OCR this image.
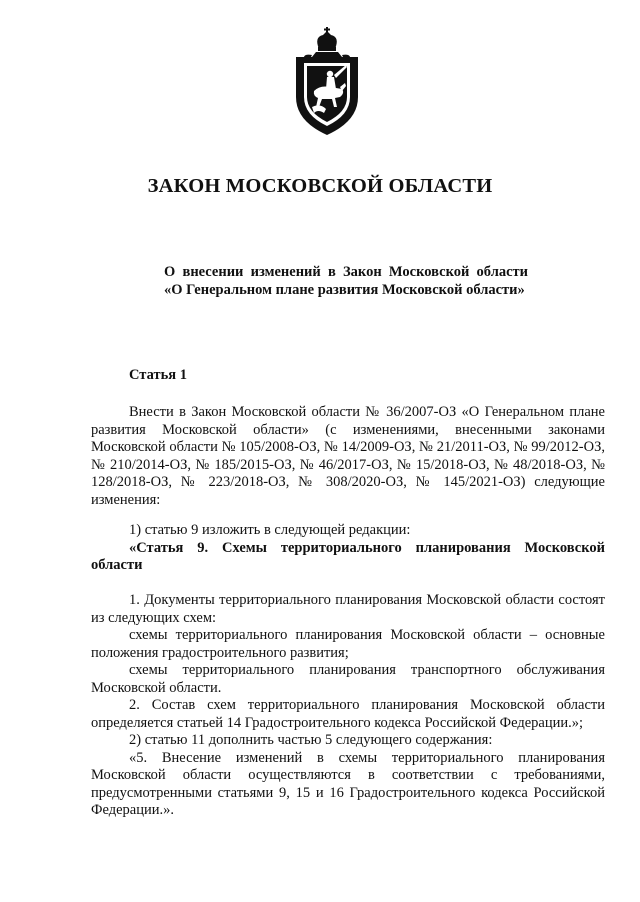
ЗАКОН МОСКОВСКОЙ ОБЛАСТИ
О внесении изменений в Закон Московской области «О Генеральном плане развития Московской области»
Статья 1

Внести в Закон Московской области № 36/2007-ОЗ «О Генеральном плане развития Московской области» (с изменениями, внесенными законами Московской области № 105/2008-ОЗ, № 14/2009-ОЗ, № 21/2011-ОЗ, № 99/2012-ОЗ, № 210/2014-ОЗ, № 185/2015-ОЗ, № 46/2017-ОЗ, № 15/2018-ОЗ, № 48/2018-ОЗ, № 128/2018-ОЗ, № 223/2018-ОЗ, № 308/2020-ОЗ, № 145/2021-ОЗ) следующие изменения:

1) статью 9 изложить в следующей редакции:

«Статья 9. Схемы территориального планирования Московской области

1. Документы территориального планирования Московской области состоят из следующих схем:

схемы территориального планирования Московской области – основные положения градостроительного развития;

схемы территориального планирования транспортного обслуживания Московской области.

2. Состав схем территориального планирования Московской области определяется статьей 14 Градостроительного кодекса Российской Федерации.»;

2) статью 11 дополнить частью 5 следующего содержания:

«5. Внесение изменений в схемы территориального планирования Московской области осуществляются в соответствии с требованиями, предусмотренными статьями 9, 15 и 16 Градостроительного кодекса Российской Федерации.».
